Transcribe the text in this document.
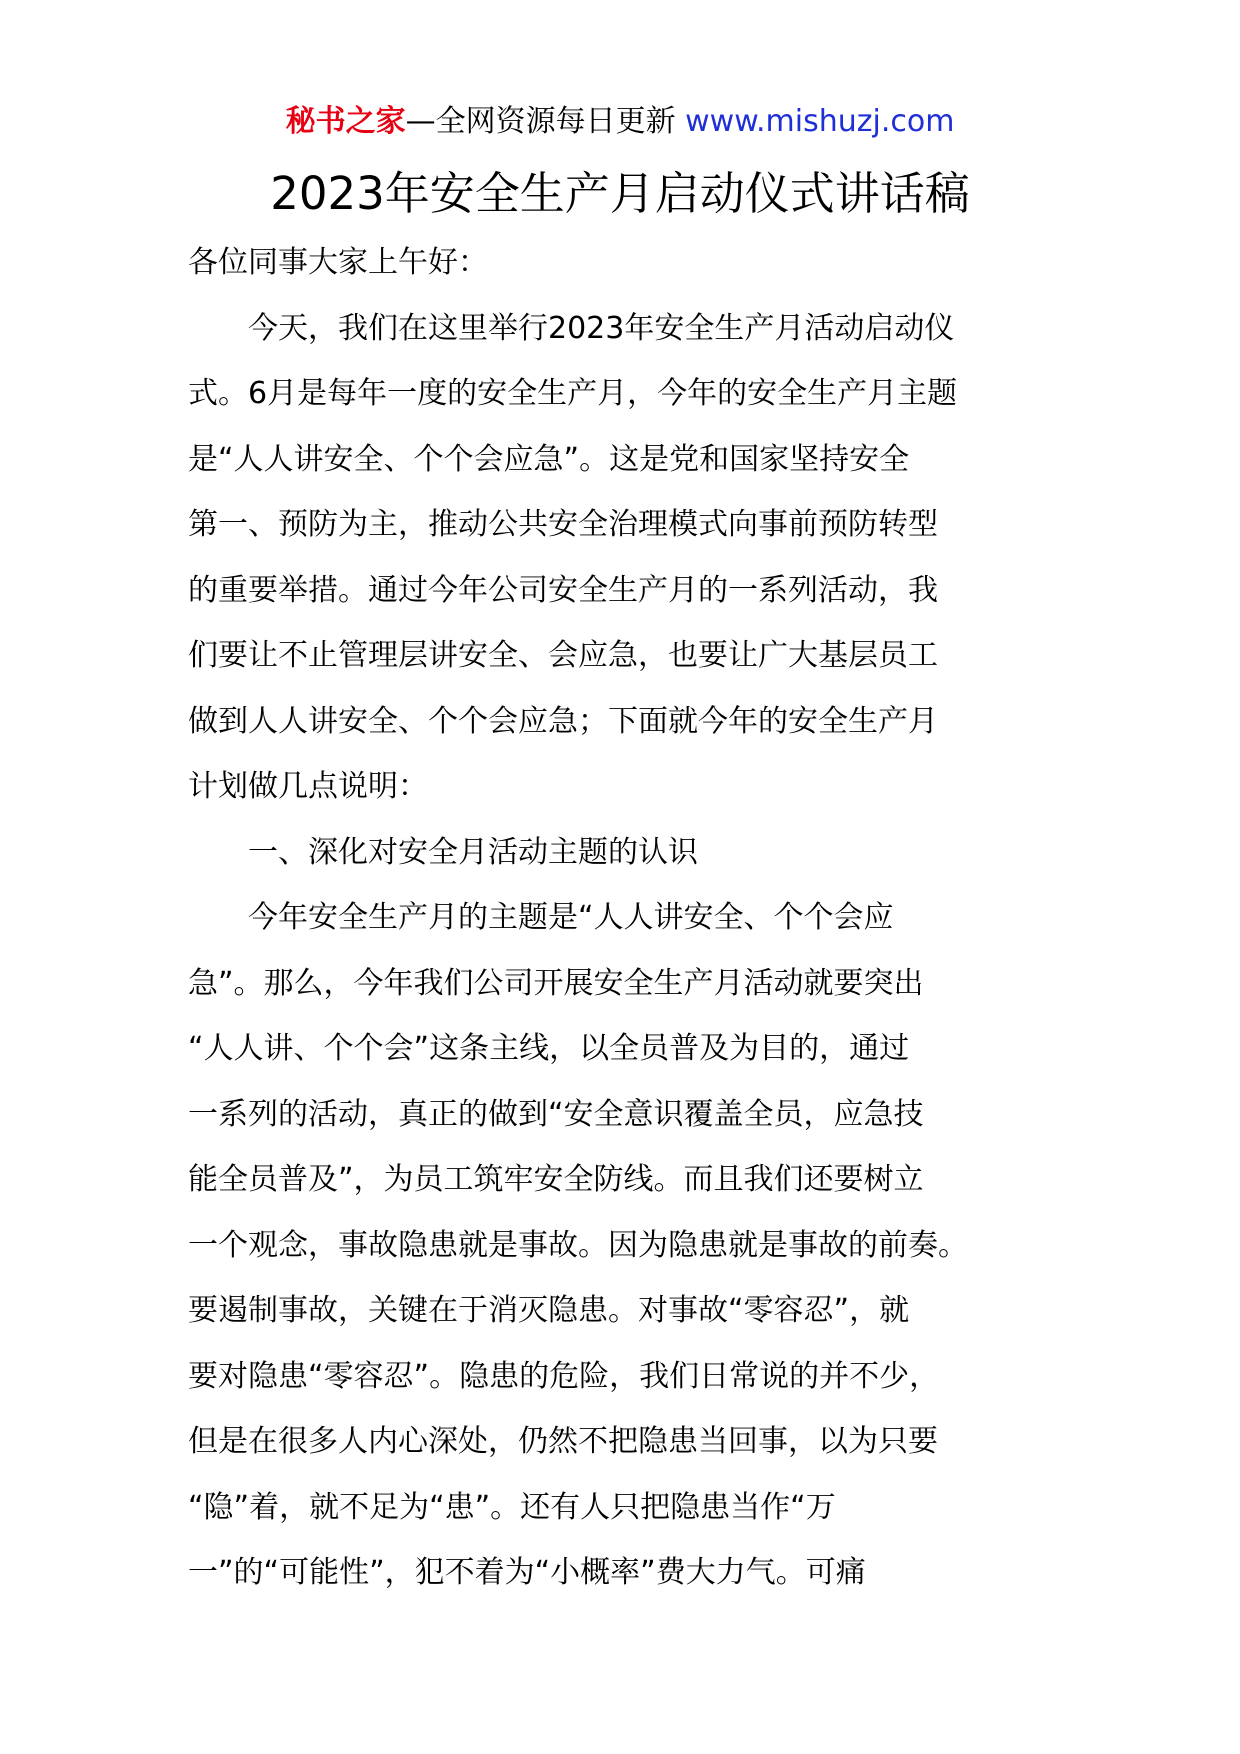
秘书之家—全网资源每日更新 www.mishuzj.com
2023年安全生产月启动仪式讲话稿
各位同事大家上午好：
　　今天，我们在这里举行2023年安全生产月活动启动仪
式。6月是每年一度的安全生产月，今年的安全生产月主题
是“人人讲安全、个个会应急”。这是党和国家坚持安全
第一、预防为主，推动公共安全治理模式向事前预防转型
的重要举措。通过今年公司安全生产月的一系列活动，我
们要让不止管理层讲安全、会应急，也要让广大基层员工
做到人人讲安全、个个会应急；下面就今年的安全生产月
计划做几点说明：
　　一、深化对安全月活动主题的认识
　　今年安全生产月的主题是“人人讲安全、个个会应
急”。那么，今年我们公司开展安全生产月活动就要突出
“人人讲、个个会”这条主线，以全员普及为目的，通过
一系列的活动，真正的做到“安全意识覆盖全员，应急技
能全员普及”，为员工筑牢安全防线。而且我们还要树立
一个观念，事故隐患就是事故。因为隐患就是事故的前奏。
要遏制事故，关键在于消灭隐患。对事故“零容忍”，就
要对隐患“零容忍”。隐患的危险，我们日常说的并不少，
但是在很多人内心深处，仍然不把隐患当回事，以为只要
“隐”着，就不足为“患”。还有人只把隐患当作“万
一”的“可能性”，犯不着为“小概率”费大力气。可痛
